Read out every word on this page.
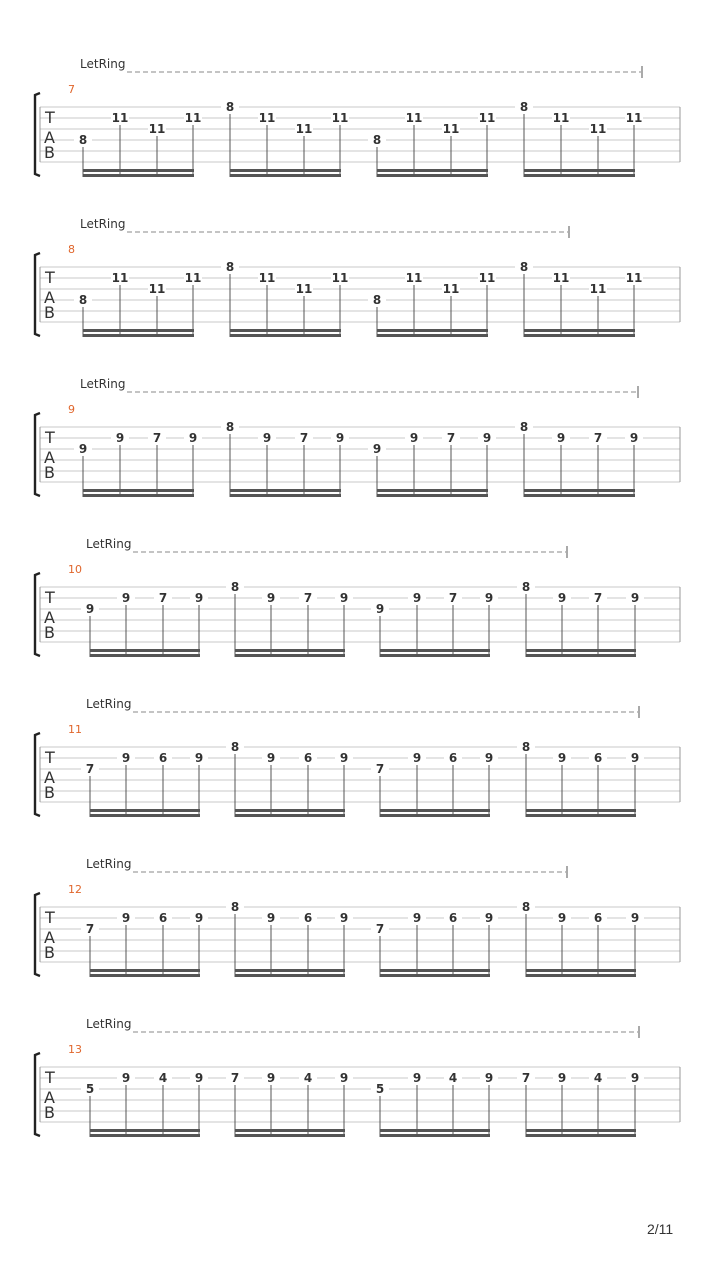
LetRing
7
T
A
B
8
11
11
11
8
11
11
11
8
11
11
11
8
11
11
11
LetRing
8
T
A
B
8
11
11
11
8
11
11
11
8
11
11
11
8
11
11
11
LetRing
9
T
A
B
9
9 7 9
8
9 7 9
9
9 7 9
8
9 7 9
LetRing
10
T
A
B
9
9 7 9
8
9 7 9
9
9 7 9
8
9 7 9
LetRing
11
T
A
B
7
9 6 9
8
9 6 9
7
9 6 9
8
9 6 9
LetRing
12
T
A
B
7
9 6 9
8
9 6 9
7
9 6 9
8
9 6 9
LetRing
13
T
A
B
5
9 4 9 7 9 4 9
5
9 4 9 7 9 4 9
2/11
